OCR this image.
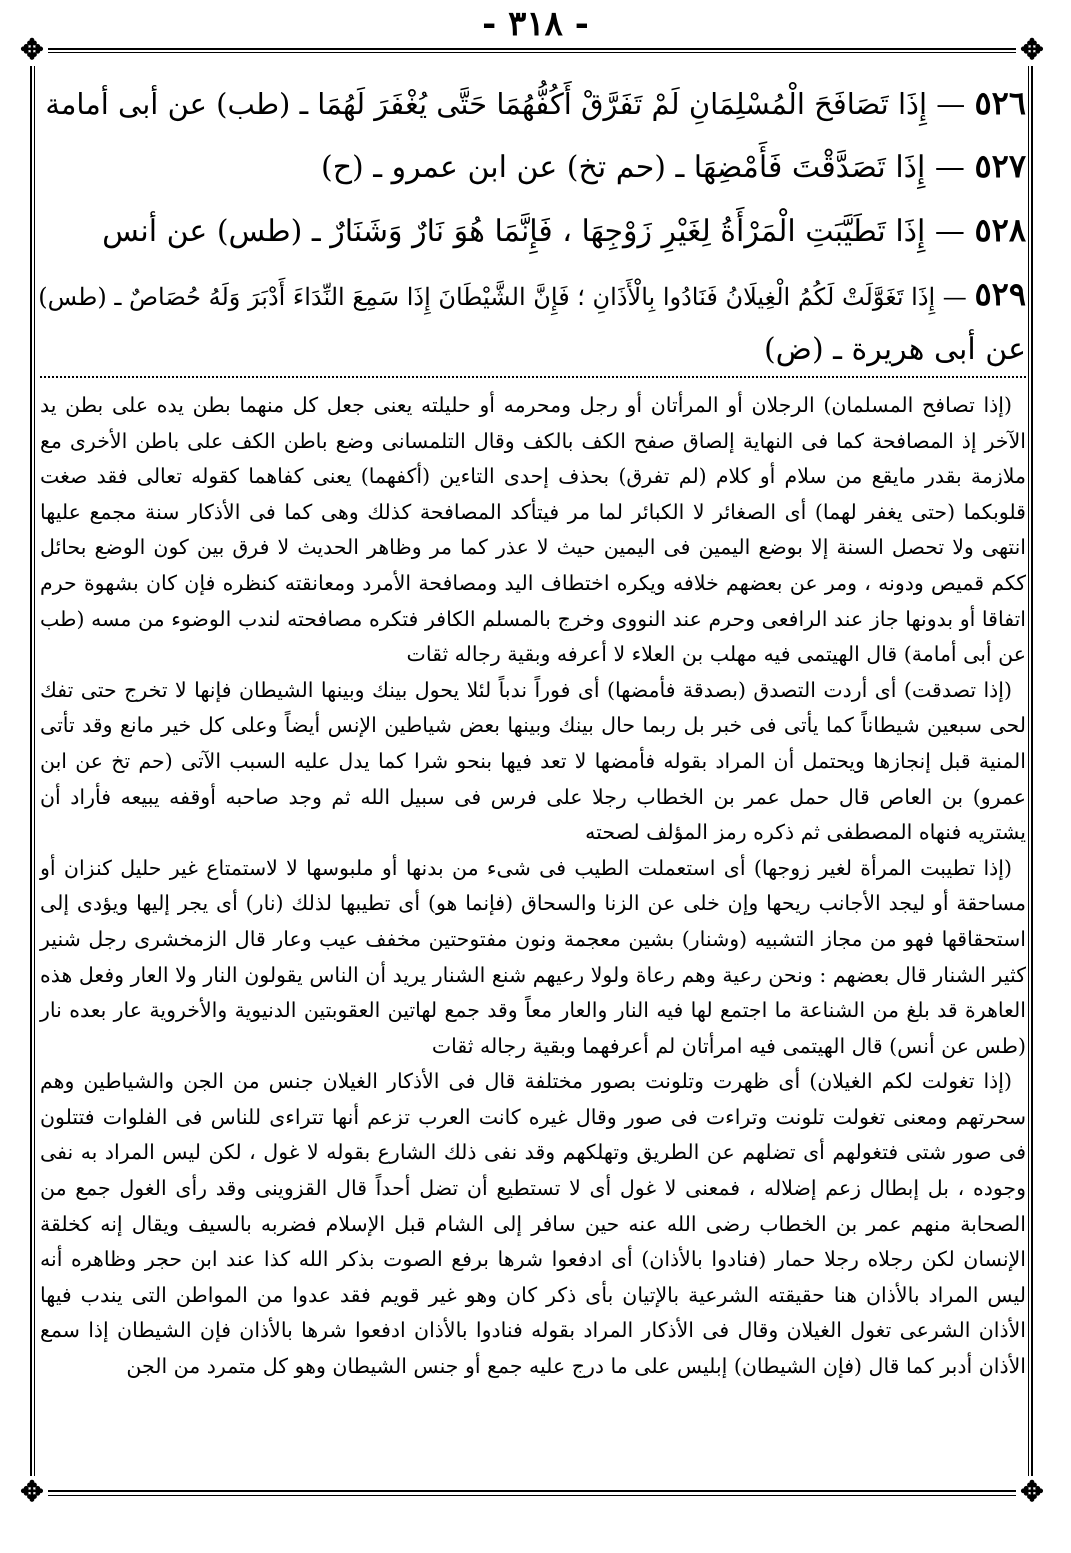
- ٣١٨ -
✥	✥
✥	✥
٥٢٦ — إِذَا تَصَافَحَ الْمُسْلِمَانِ لَمْ تَفَرَّقْ أَكُفُّهُمَا حَتَّى يُغْفَرَ لَهُمَا ـ (طب) عن أبى أمامة
٥٢٧ — إِذَا تَصَدَّقْتَ فَأَمْضِهَا ـ (حم تخ) عن ابن عمرو ـ (ح)
٥٢٨ — إِذَا تَطَيَّبَتِ الْمَرْأَةُ لِغَيْرِ زَوْجِهَا ، فَإِنَّمَا هُوَ نَارٌ وَشَنَارٌ ـ (طس) عن أنس
٥٢٩ — إِذَا تَغَوَّلَتْ لَكُمُ الْغِيلَانُ فَنَادُوا بِالْأَذَانِ ؛ فَإِنَّ الشَّيْطَانَ إِذَا سَمِعَ النِّدَاءَ أَدْبَرَ وَلَهُ حُصَاصٌ ـ (طس)
عن أبى هريرة ـ (ض)

(إذا تصافح المسلمان) الرجلان أو المرأتان أو رجل ومحرمه أو حليلته يعنى جعل كل منهما بطن يده على بطن يد الآخر إذ المصافحة كما فى النهاية إلصاق صفح الكف بالكف وقال التلمسانى وضع باطن الكف على باطن الأخرى مع ملازمة بقدر مايقع من سلام أو كلام (لم تفرق) بحذف إحدى التاءين (أكفهما) يعنى كفاهما كقوله تعالى فقد صغت قلوبكما (حتى يغفر لهما) أى الصغائر لا الكبائر لما مر فيتأكد المصافحة كذلك وهى كما فى الأذكار سنة مجمع عليها انتهى ولا تحصل السنة إلا بوضع اليمين فى اليمين حيث لا عذر كما مر وظاهر الحديث لا فرق بين كون الوضع بحائل ككم قميص ودونه ، ومر عن بعضهم خلافه ويكره اختطاف اليد ومصافحة الأمرد ومعانقته كنظره فإن كان بشهوة حرم اتفاقا أو بدونها جاز عند الرافعى وحرم عند النووى وخرج بالمسلم الكافر فتكره مصافحته لندب الوضوء من مسه (طب عن أبى أمامة) قال الهيتمى فيه مهلب بن العلاء لا أعرفه وبقية رجاله ثقات

(إذا تصدقت) أى أردت التصدق (بصدقة فأمضها) أى فوراً ندباً لئلا يحول بينك وبينها الشيطان فإنها لا تخرج حتى تفك لحى سبعين شيطاناً كما يأتى فى خبر بل ربما حال بينك وبينها بعض شياطين الإنس أيضاً وعلى كل خير مانع وقد تأتى المنية قبل إنجازها ويحتمل أن المراد بقوله فأمضها لا تعد فيها بنحو شرا كما يدل عليه السبب الآتى (حم تخ عن ابن عمرو) بن العاص قال حمل عمر بن الخطاب رجلا على فرس فى سبيل الله ثم وجد صاحبه أوقفه يبيعه فأراد أن يشتريه فنهاه المصطفى ثم ذكره رمز المؤلف لصحته

(إذا تطيبت المرأة لغير زوجها) أى استعملت الطيب فى شىء من بدنها أو ملبوسها لا لاستمتاع غير حليل كنزان أو مساحقة أو ليجد الأجانب ريحها وإن خلى عن الزنا والسحاق (فإنما هو) أى تطيبها لذلك (نار) أى يجر إليها ويؤدى إلى استحقاقها فهو من مجاز التشبيه (وشنار) بشين معجمة ونون مفتوحتين مخفف عيب وعار قال الزمخشرى رجل شنير كثير الشنار قال بعضهم : ونحن رعية وهم رعاة ولولا رعيهم شنع الشنار يريد أن الناس يقولون النار ولا العار وفعل هذه العاهرة قد بلغ من الشناعة ما اجتمع لها فيه النار والعار معاً وقد جمع لهاتين العقوبتين الدنيوية والأخروية عار بعده نار (طس عن أنس) قال الهيتمى فيه امرأتان لم أعرفهما وبقية رجاله ثقات

(إذا تغولت لكم الغيلان) أى ظهرت وتلونت بصور مختلفة قال فى الأذكار الغيلان جنس من الجن والشياطين وهم سحرتهم ومعنى تغولت تلونت وتراءت فى صور وقال غيره كانت العرب تزعم أنها تتراءى للناس فى الفلوات فتتلون فى صور شتى فتغولهم أى تضلهم عن الطريق وتهلكهم وقد نفى ذلك الشارع بقوله لا غول ، لكن ليس المراد به نفى وجوده ، بل إبطال زعم إضلاله ، فمعنى لا غول أى لا تستطيع أن تضل أحداً قال القزوينى وقد رأى الغول جمع من الصحابة منهم عمر بن الخطاب رضى الله عنه حين سافر إلى الشام قبل الإسلام فضربه بالسيف ويقال إنه كخلقة الإنسان لكن رجلاه رجلا حمار (فنادوا بالأذان) أى ادفعوا شرها برفع الصوت بذكر الله كذا عند ابن حجر وظاهره أنه ليس المراد بالأذان هنا حقيقته الشرعية بالإتيان بأى ذكر كان وهو غير قويم فقد عدوا من المواطن التى يندب فيها الأذان الشرعى تغول الغيلان وقال فى الأذكار المراد بقوله فنادوا بالأذان ادفعوا شرها بالأذان فإن الشيطان إذا سمع الأذان أدبر كما قال (فإن الشيطان) إبليس على ما درج عليه جمع أو جنس الشيطان وهو كل متمرد من الجن
